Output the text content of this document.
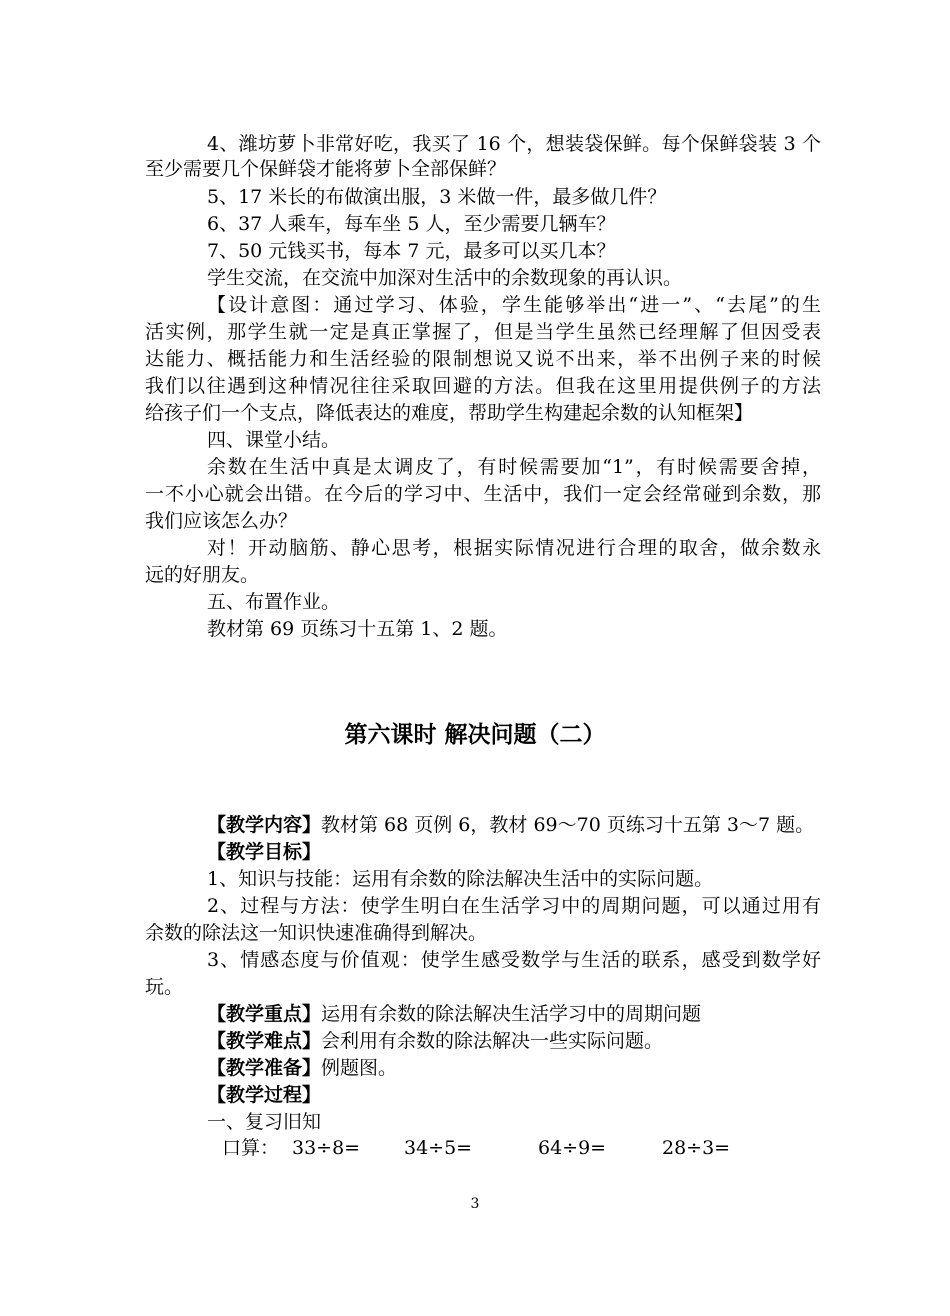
4、潍坊萝卜非常好吃，我买了 16 个，想装袋保鲜。每个保鲜袋装 3 个
至少需要几个保鲜袋才能将萝卜全部保鲜？
5、17 米长的布做演出服，3 米做一件，最多做几件？
6、37 人乘车，每车坐 5 人，至少需要几辆车？
7、50 元钱买书，每本 7 元，最多可以买几本？
学生交流，在交流中加深对生活中的余数现象的再认识。
【设计意图：通过学习、体验，学生能够举出“进一”、“去尾”的生
活实例，那学生就一定是真正掌握了，但是当学生虽然已经理解了但因受表
达能力、概括能力和生活经验的限制想说又说不出来，举不出例子来的时候
我们以往遇到这种情况往往采取回避的方法。但我在这里用提供例子的方法
给孩子们一个支点，降低表达的难度，帮助学生构建起余数的认知框架】
四、课堂小结。
余数在生活中真是太调皮了，有时候需要加“1”，有时候需要舍掉，
一不小心就会出错。在今后的学习中、生活中，我们一定会经常碰到余数，那
我们应该怎么办？
对！开动脑筋、静心思考，根据实际情况进行合理的取舍，做余数永
远的好朋友。
五、布置作业。
教材第 69 页练习十五第 1、2 题。
第六课时 解决问题（二）
【教学内容】教材第 68 页例 6，教材 69～70 页练习十五第 3～7 题。
【教学目标】
1、知识与技能：运用有余数的除法解决生活中的实际问题。
2、过程与方法：使学生明白在生活学习中的周期问题，可以通过用有
余数的除法这一知识快速准确得到解决。
3、情感态度与价值观：使学生感受数学与生活的联系，感受到数学好
玩。
【教学重点】运用有余数的除法解决生活学习中的周期问题
【教学难点】会利用有余数的除法解决一些实际问题。
【教学准备】例题图。
【教学过程】
一、复习旧知
口算： 33÷8= 34÷5=	64÷9=	28÷3=
3
